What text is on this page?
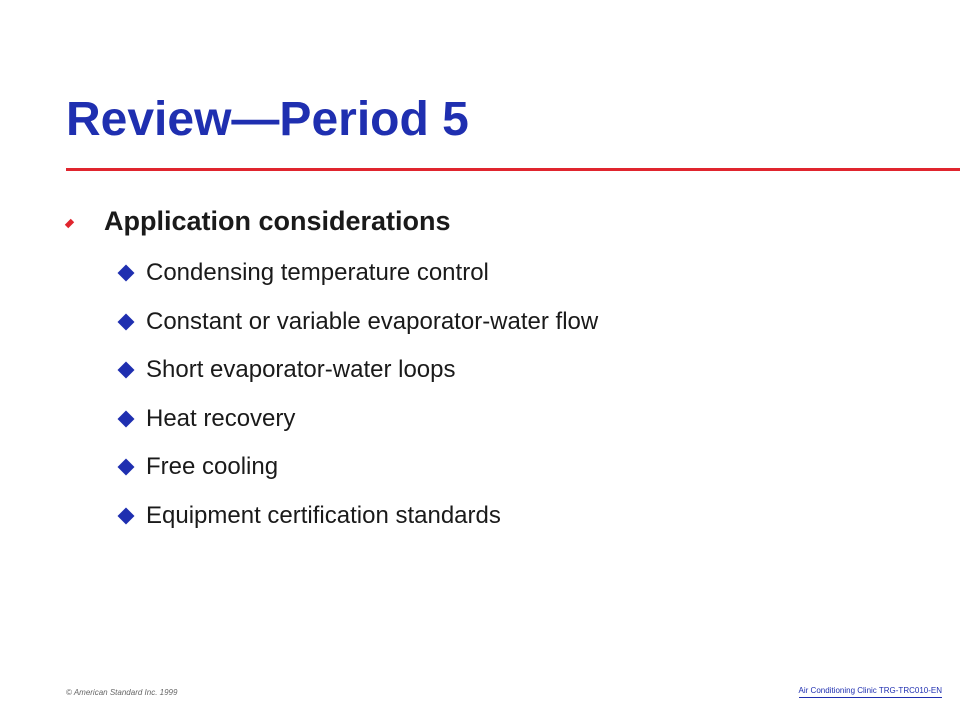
Review—Period 5
Application considerations
Condensing temperature control
Constant or variable evaporator-water flow
Short evaporator-water loops
Heat recovery
Free cooling
Equipment certification standards
© American Standard Inc. 1999	Air Conditioning Clinic TRG-TRC010-EN
